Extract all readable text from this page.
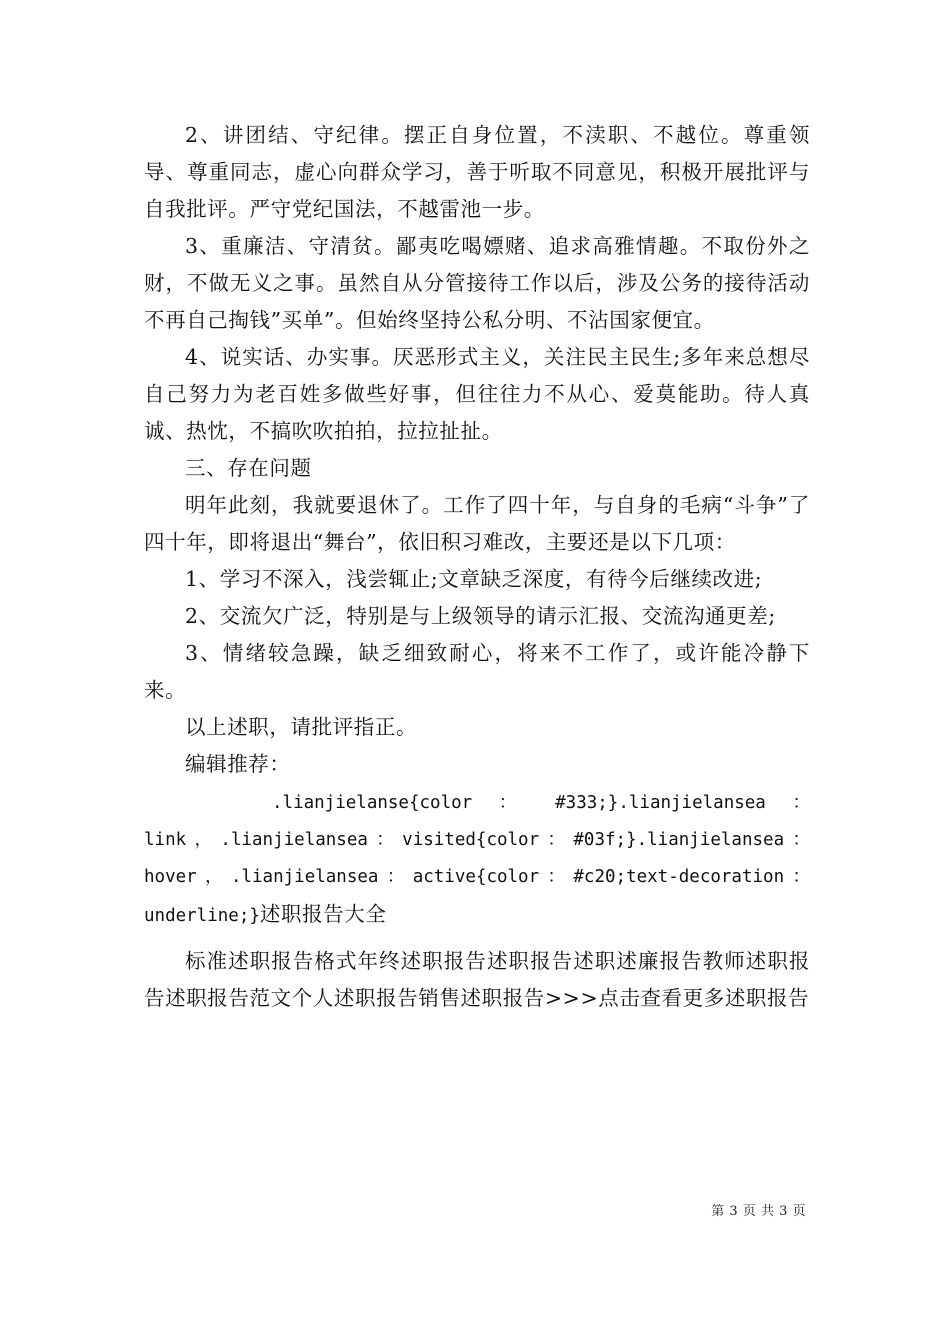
2、讲团结、守纪律。摆正自身位置，不渎职、不越位。尊重领导、尊重同志，虚心向群众学习，善于听取不同意见，积极开展批评与自我批评。严守党纪国法，不越雷池一步。

3、重廉洁、守清贫。鄙夷吃喝嫖赌、追求高雅情趣。不取份外之财，不做无义之事。虽然自从分管接待工作以后，涉及公务的接待活动不再自己掏钱”买单”。但始终坚持公私分明、不沾国家便宜。

4、说实话、办实事。厌恶形式主义，关注民主民生;多年来总想尽自己努力为老百姓多做些好事，但往往力不从心、爱莫能助。待人真诚、热忱，不搞吹吹拍拍，拉拉扯扯。

三、存在问题

明年此刻，我就要退休了。工作了四十年，与自身的毛病“斗争”了四十年，即将退出“舞台”，依旧积习难改，主要还是以下几项：

1、学习不深入，浅尝辄止;文章缺乏深度，有待今后继续改进;

2、交流欠广泛，特别是与上级领导的请示汇报、交流沟通更差;

3、情绪较急躁，缺乏细致耐心，将来不工作了，或许能冷静下来。

以上述职，请批评指正。

编辑推荐：

.lianjielanse{color ： #333;}.lianjielansea ：link，.lianjielansea：visited{color：#03f;}.lianjielansea：hover，.lianjielansea：active{color：#c20;text-decoration：underline;}述职报告大全

标准述职报告格式年终述职报告述职报告述职述廉报告教师述职报告述职报告范文个人述职报告销售述职报告>>>点击查看更多述职报告

第 3 页 共 3 页
